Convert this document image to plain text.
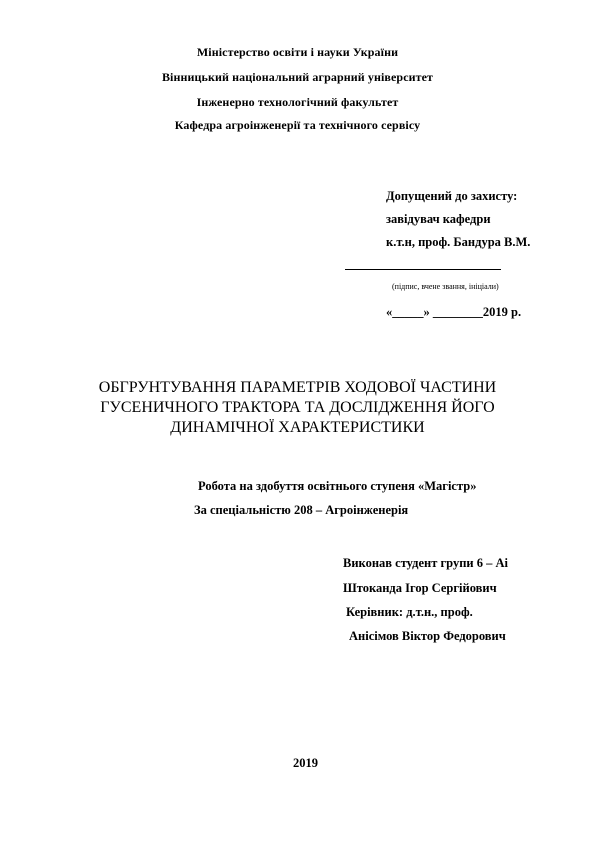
Міністерство освіти і науки України
Вінницький національний аграрний університет
Інженерно технологічний факультет
Кафедра агроінженерії та технічного сервісу
Допущений до захисту:
завідувач кафедри
к.т.н, проф. Бандура В.М.
(підпис, вчене звання, ініціали)
«_____» ________2019 р.
ОБГРУНТУВАННЯ ПАРАМЕТРІВ ХОДОВОЇ ЧАСТИНИ
ГУСЕНИЧНОГО ТРАКТОРА ТА ДОСЛІДЖЕННЯ ЙОГО
ДИНАМІЧНОЇ ХАРАКТЕРИСТИКИ
Робота на здобуття освітнього ступеня «Магістр»
За спеціальністю 208 – Агроінженерія
Виконав студент групи 6 – Аі
Штоканда Ігор Сергійович
Керівник: д.т.н., проф.
Анісімов Віктор Федорович
2019
